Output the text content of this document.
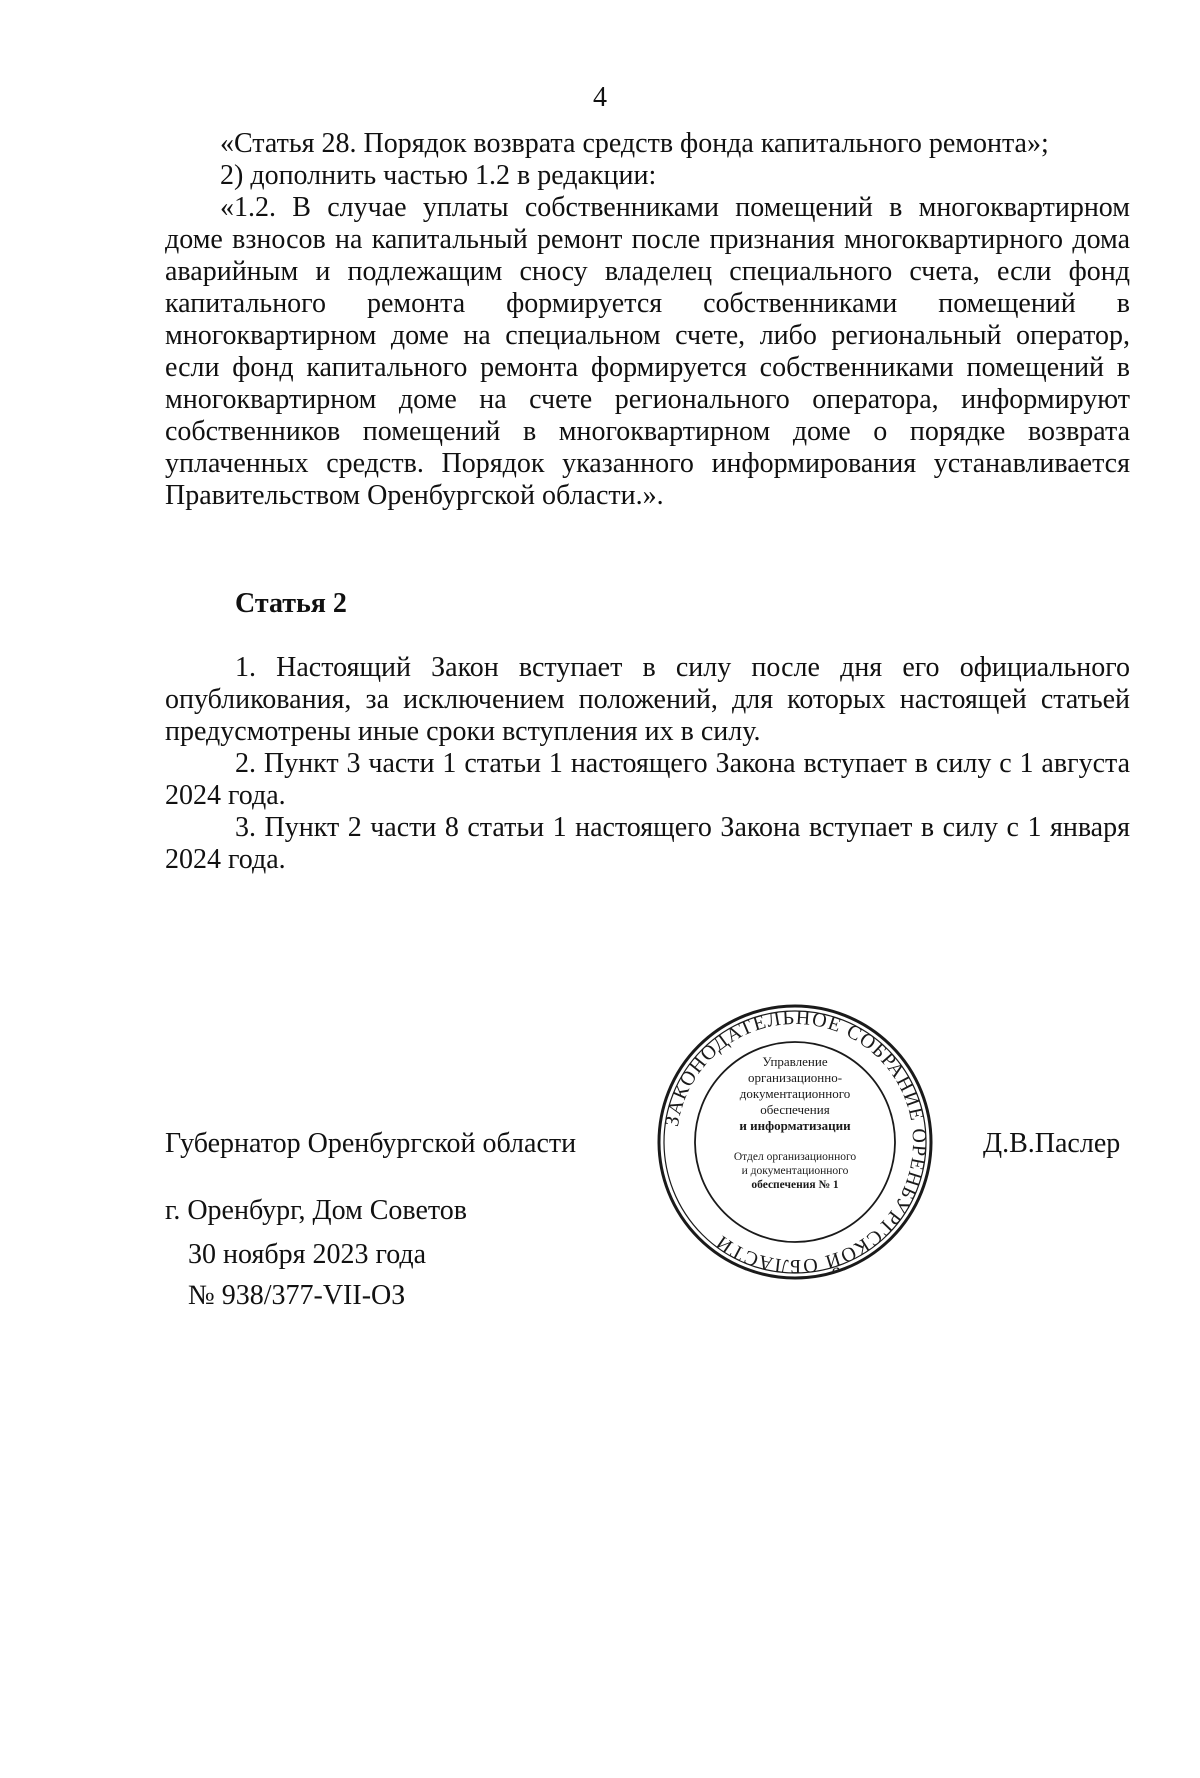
4
«Статья 28. Порядок возврата средств фонда капитального ремонта»;
2) дополнить частью 1.2 в редакции:
«1.2. В случае уплаты собственниками помещений в многоквартирном
доме взносов на капитальный ремонт после признания многоквартирного дома
аварийным и подлежащим сносу владелец специального счета, если фонд
капитального ремонта формируется собственниками помещений в
многоквартирном доме на специальном счете, либо региональный оператор,
если фонд капитального ремонта формируется собственниками помещений в
многоквартирном доме на счете регионального оператора, информируют
собственников помещений в многоквартирном доме о порядке возврата
уплаченных средств. Порядок указанного информирования устанавливается
Правительством Оренбургской области.».
Статья 2
1. Настоящий Закон вступает в силу после дня его официального
опубликования, за исключением положений, для которых настоящей статьей
предусмотрены иные сроки вступления их в силу.
2. Пункт 3 части 1 статьи 1 настоящего Закона вступает в силу с 1 августа
2024 года.
3. Пункт 2 части 8 статьи 1 настоящего Закона вступает в силу с 1 января
2024 года.
Губернатор Оренбургской области	Д.В.Паслер
г. Оренбург, Дом Советов
30 ноября 2023 года
№ 938/377-VII-ОЗ
ЗАКОНОДАТЕЛЬНОЕ СОБРАНИЕ ОРЕНБУРГСКОЙ ОБЛАСТИ
Управление
организационно-
документационного
обеспечения
и информатизации
Отдел организационного
и документационного
обеспечения № 1
